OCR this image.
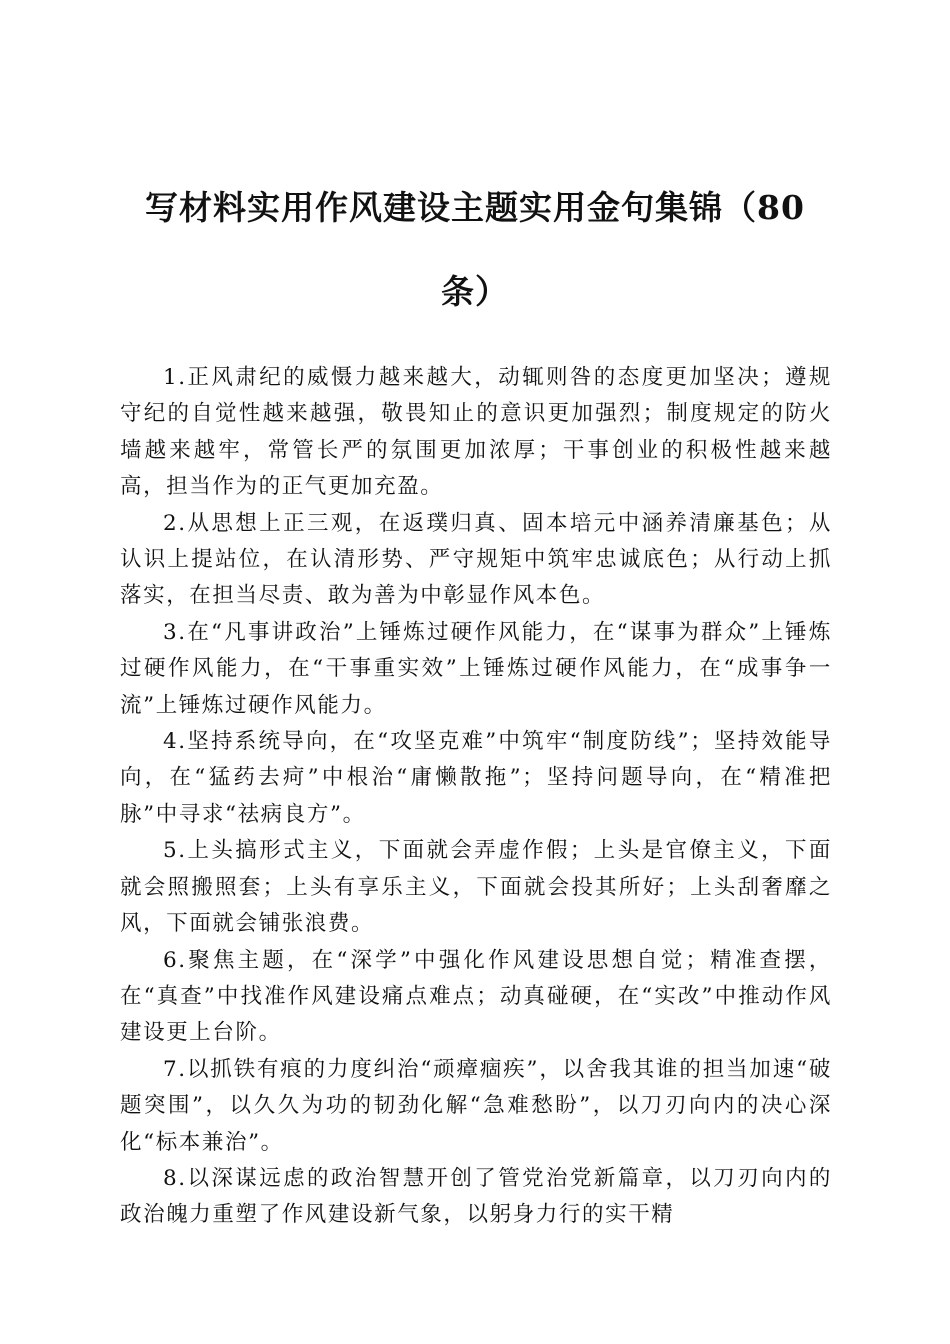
写材料实用作风建设主题实用金句集锦（80条）

1.正风肃纪的威慑力越来越大，动辄则咎的态度更加坚决；遵规守纪的自觉性越来越强，敬畏知止的意识更加强烈；制度规定的防火墙越来越牢，常管长严的氛围更加浓厚；干事创业的积极性越来越高，担当作为的正气更加充盈。

2.从思想上正三观，在返璞归真、固本培元中涵养清廉基色；从认识上提站位，在认清形势、严守规矩中筑牢忠诚底色；从行动上抓落实，在担当尽责、敢为善为中彰显作风本色。

3.在“凡事讲政治”上锤炼过硬作风能力，在“谋事为群众”上锤炼过硬作风能力，在“干事重实效”上锤炼过硬作风能力，在“成事争一流”上锤炼过硬作风能力。

4.坚持系统导向，在“攻坚克难”中筑牢“制度防线”；坚持效能导向，在“猛药去疴”中根治“庸懒散拖”；坚持问题导向，在“精准把脉”中寻求“祛病良方”。

5.上头搞形式主义，下面就会弄虚作假；上头是官僚主义，下面就会照搬照套；上头有享乐主义，下面就会投其所好；上头刮奢靡之风，下面就会铺张浪费。

6.聚焦主题，在“深学”中强化作风建设思想自觉；精准查摆，在“真查”中找准作风建设痛点难点；动真碰硬，在“实改”中推动作风建设更上台阶。

7.以抓铁有痕的力度纠治“顽瘴痼疾”，以舍我其谁的担当加速“破题突围”，以久久为功的韧劲化解“急难愁盼”，以刀刃向内的决心深化“标本兼治”。

8.以深谋远虑的政治智慧开创了管党治党新篇章，以刀刃向内的政治魄力重塑了作风建设新气象，以躬身力行的实干精
